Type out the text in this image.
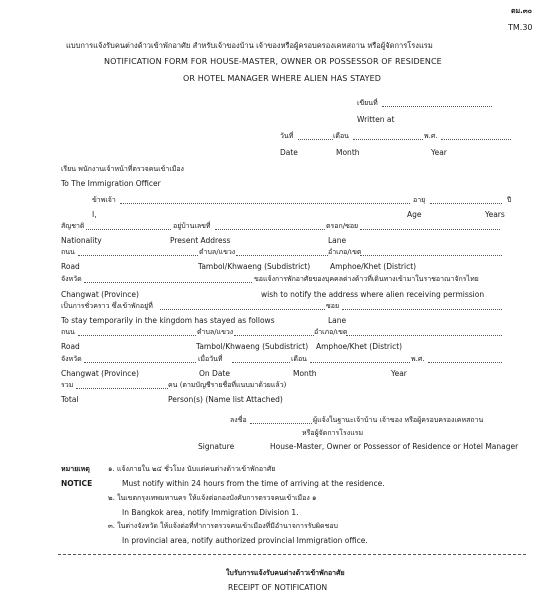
ตม.๓๐
TM.30
แบบการแจ้งรับคนต่างด้าวเข้าพักอาศัย สำหรับเจ้าของบ้าน เจ้าของหรือผู้ครอบครองเคหสถาน หรือผู้จัดการโรงแรม
NOTIFICATION FORM FOR HOUSE-MASTER, OWNER OR POSSESSOR OF RESIDENCE
OR HOTEL MANAGER WHERE ALIEN HAS STAYED
เขียนที่
Written at
วันที่	เดือน	พ.ศ.
Date	Month	Year
เรียน พนักงานเจ้าหน้าที่ตรวจคนเข้าเมือง
To The Immigration Officer
ข้าพเจ้า	อายุ	ปี
I,	Age	Years
สัญชาติ	อยู่บ้านเลขที่	ตรอก/ซอย
Nationality	Present Address	Lane
ถนน	ตำบล/แขวง	อำเภอ/เขต
Road	Tambol/Khwaeng (Subdistrict)	Amphoe/Khet (District)
จังหวัด	ขอแจ้งการพักอาศัยของบุคคลต่างด้าวที่เดินทางเข้ามาในราชอาณาจักรไทย
Changwat (Province)	wish to notify the address where alien receiving permission
เป็นการชั่วคราว ซึ่งเข้าพักอยู่ที่	ซอย
To stay temporarily in the kingdom has stayed as follows	Lane
ถนน	ตำบล/แขวง	อำเภอ/เขต
Road	Tambol/Khwaeng (Subdistrict) Amphoe/Khet (District)
จังหวัด	เมื่อวันที่	เดือน	พ.ศ.
Changwat (Province)	On Date	Month	Year
รวม	คน (ตามบัญชีรายชื่อที่แนบมาด้วยแล้ว)
Total	Person(s) (Name list Attached)
ลงชื่อ	ผู้แจ้งในฐานะเจ้าบ้าน เจ้าของ หรือผู้ครอบครองเคหสถาน
หรือผู้จัดการโรงแรม
Signature	House-Master, Owner or Possessor of Residence or Hotel Manager
หมายเหตุ
NOTICE
๑. แจ้งภายใน ๒๔ ชั่วโมง นับแต่คนต่างด้าวเข้าพักอาศัย
Must notify within 24 hours from the time of arriving at the residence.
๒. ในเขตกรุงเทพมหานคร ให้แจ้งต่อกองบังคับการตรวจคนเข้าเมือง ๑
In Bangkok area, notify Immigration Division 1.
๓. ในต่างจังหวัด ให้แจ้งต่อที่ทำการตรวจคนเข้าเมืองที่มีอำนาจการรับผิดชอบ
In provincial area, notify authorized provincial Immigration office.
ใบรับการแจ้งรับคนต่างด้าวเข้าพักอาศัย
RECEIPT OF NOTIFICATION
